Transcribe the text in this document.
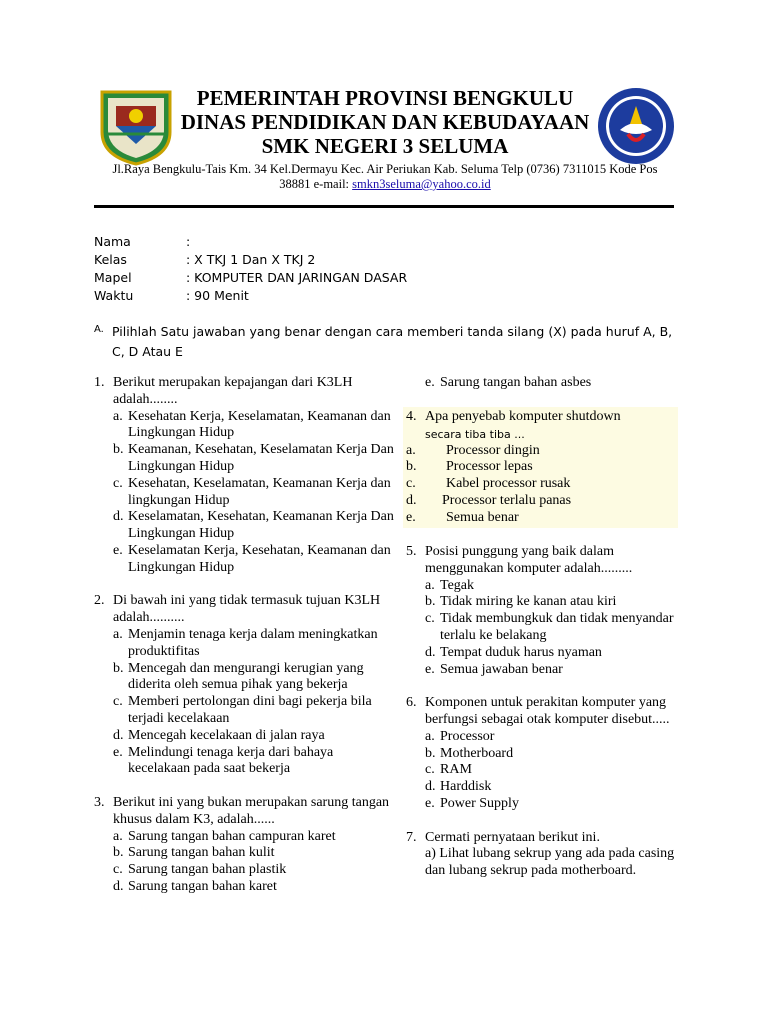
PEMERINTAH PROVINSI BENGKULU
DINAS PENDIDIKAN DAN KEBUDAYAAN
SMK NEGERI 3 SELUMA
Jl.Raya Bengkulu-Tais Km. 34 Kel.Dermayu Kec. Air Periukan Kab. Seluma Telp (0736) 7311015 Kode Pos
38881 e-mail: smkn3seluma@yahoo.co.id
Nama	:
Kelas	: X TKJ 1 Dan X TKJ 2
Mapel	: KOMPUTER DAN JARINGAN DASAR
Waktu	: 90 Menit
A. Pilihlah Satu jawaban yang benar dengan cara memberi tanda silang (X) pada huruf A, B, C, D Atau E
1. Berikut merupakan kepajangan dari K3LH adalah........
a. Kesehatan Kerja, Keselamatan, Keamanan dan Lingkungan Hidup
b. Keamanan, Kesehatan, Keselamatan Kerja Dan Lingkungan Hidup
c. Kesehatan, Keselamatan, Keamanan Kerja dan lingkungan Hidup
d. Keselamatan, Kesehatan, Keamanan Kerja Dan Lingkungan Hidup
e. Keselamatan Kerja, Kesehatan, Keamanan dan Lingkungan Hidup
2. Di bawah ini yang tidak termasuk tujuan K3LH adalah..........
a. Menjamin tenaga kerja dalam meningkatkan produktifitas
b. Mencegah dan mengurangi kerugian yang diderita oleh semua pihak yang bekerja
c. Memberi pertolongan dini bagi pekerja bila terjadi kecelakaan
d. Mencegah kecelakaan di jalan raya
e. Melindungi tenaga kerja dari bahaya kecelakaan pada saat bekerja
3. Berikut ini yang bukan merupakan sarung tangan khusus dalam K3, adalah......
a. Sarung tangan bahan campuran karet
b. Sarung tangan bahan kulit
c. Sarung tangan bahan plastik
d. Sarung tangan bahan karet
e. Sarung tangan bahan asbes
4. Apa penyebab komputer shutdown
secara tiba tiba ...
a. Processor dingin
b. Processor lepas
c. Kabel processor rusak
d. Processor terlalu panas
e. Semua benar
5. Posisi punggung yang baik dalam menggunakan komputer adalah.........
a. Tegak
b. Tidak miring ke kanan atau kiri
c. Tidak membungkuk dan tidak menyandar terlalu ke belakang
d. Tempat duduk harus nyaman
e. Semua jawaban benar
6. Komponen untuk perakitan komputer yang berfungsi sebagai otak komputer disebut.....
a. Processor
b. Motherboard
c. RAM
d. Harddisk
e. Power Supply
7. Cermati pernyataan berikut ini.
a) Lihat lubang sekrup yang ada pada casing dan lubang sekrup pada motherboard.
